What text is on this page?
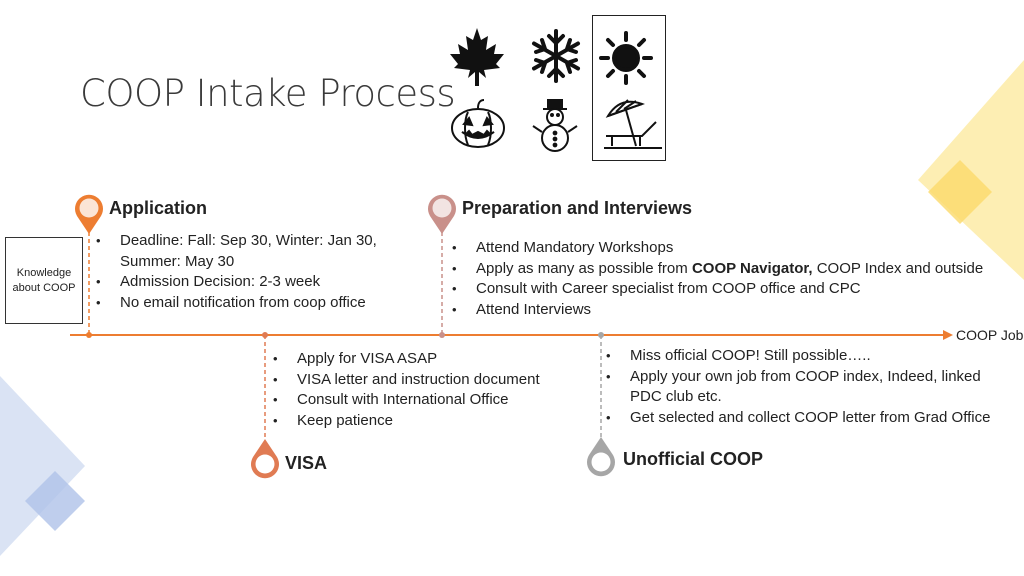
COOP Intake Process
Knowledge about COOP
COOP Job
Application
• Deadline: Fall: Sep 30, Winter: Jan 30, Summer: May 30
• Admission Decision: 2-3 week
• No email notification from coop office
Preparation and Interviews
• Attend Mandatory Workshops
• Apply as many as possible from COOP Navigator, COOP Index and outside
• Consult with Career specialist from COOP office and CPC
• Attend Interviews
• Apply for VISA ASAP
• VISA letter and instruction document
• Consult with International Office
• Keep patience
VISA
• Miss official COOP! Still possible…..
• Apply your own job from COOP index, Indeed, linked PDC club etc.
• Get selected and collect COOP letter from Grad Office
Unofficial COOP
